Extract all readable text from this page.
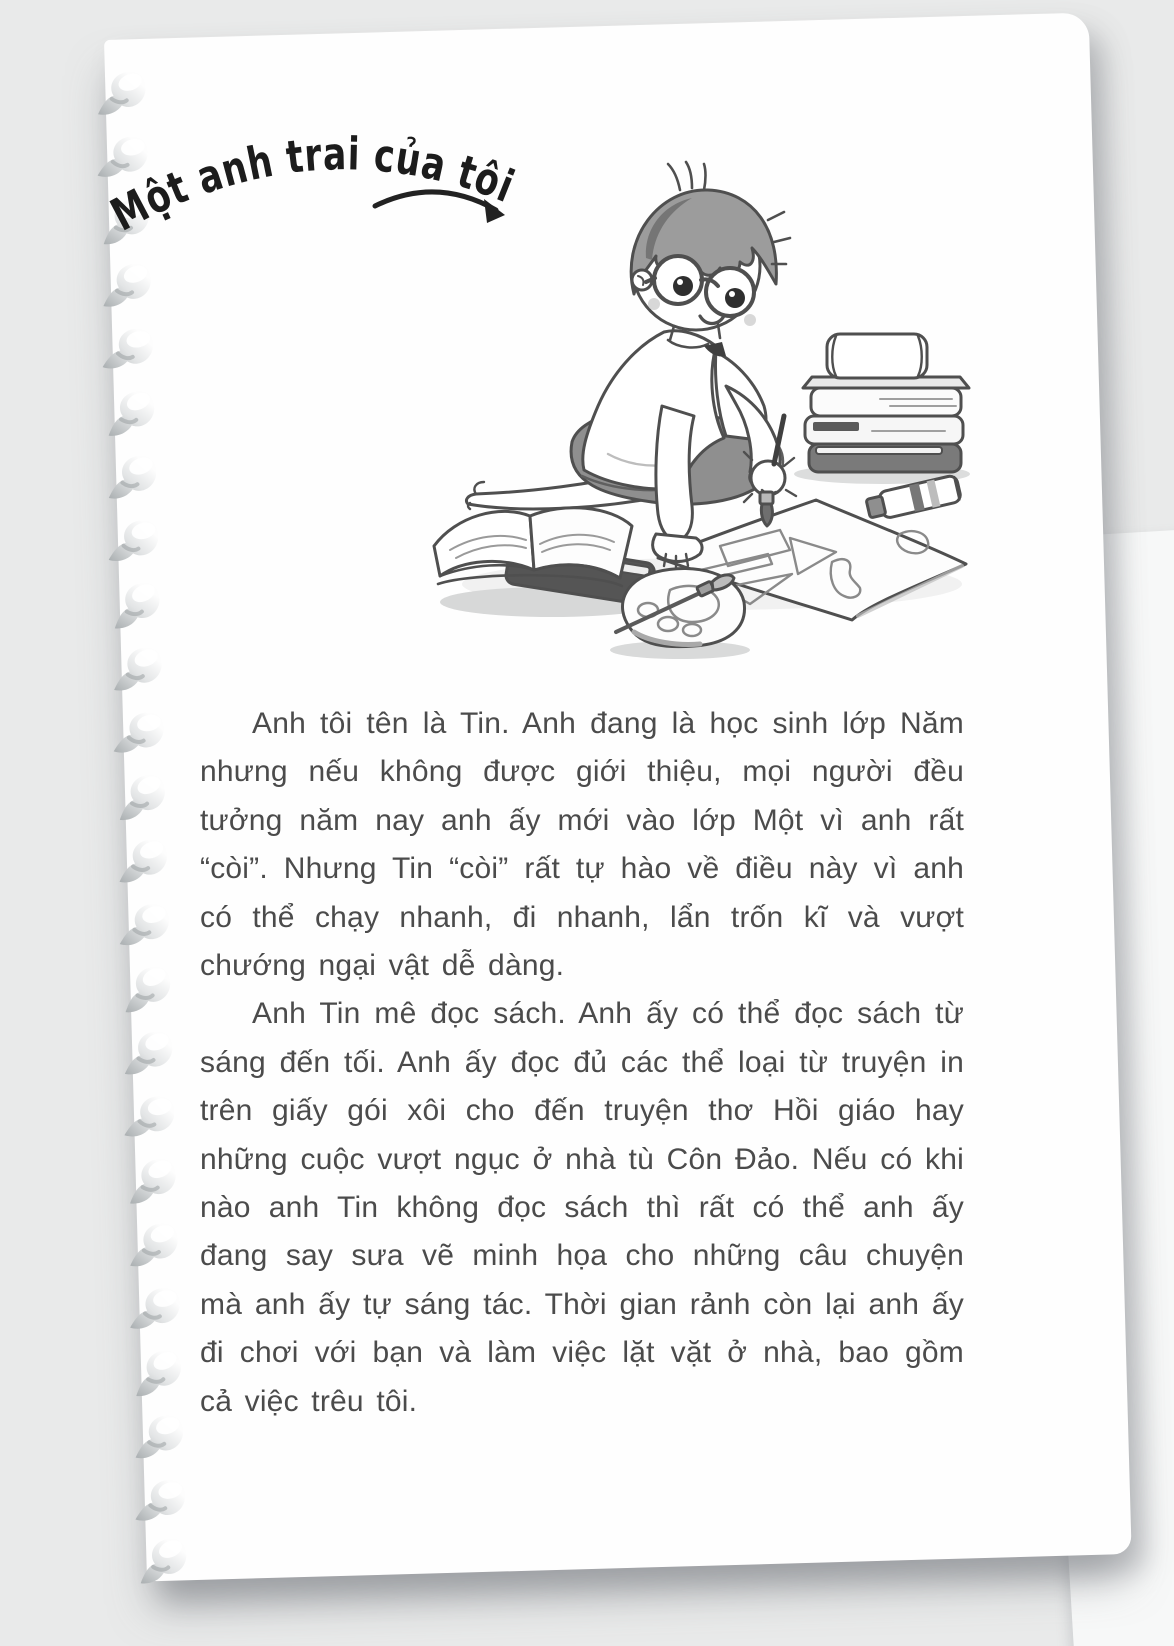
Một anh trai của tôi

Anh tôi tên là Tin. Anh đang là học sinh lớp Năm nhưng nếu không được giới thiệu, mọi người đều tưởng năm nay anh ấy mới vào lớp Một vì anh rất “còi”. Nhưng Tin “còi” rất tự hào về điều này vì anh có thể chạy nhanh, đi nhanh, lẩn trốn kĩ và vượt chướng ngại vật dễ dàng.

Anh Tin mê đọc sách. Anh ấy có thể đọc sách từ sáng đến tối. Anh ấy đọc đủ các thể loại từ truyện in trên giấy gói xôi cho đến truyện thơ Hồi giáo hay những cuộc vượt ngục ở nhà tù Côn Đảo. Nếu có khi nào anh Tin không đọc sách thì rất có thể anh ấy đang say sưa vẽ minh họa cho những câu chuyện mà anh ấy tự sáng tác. Thời gian rảnh còn lại anh ấy đi chơi với bạn và làm việc lặt vặt ở nhà, bao gồm cả việc trêu tôi.
